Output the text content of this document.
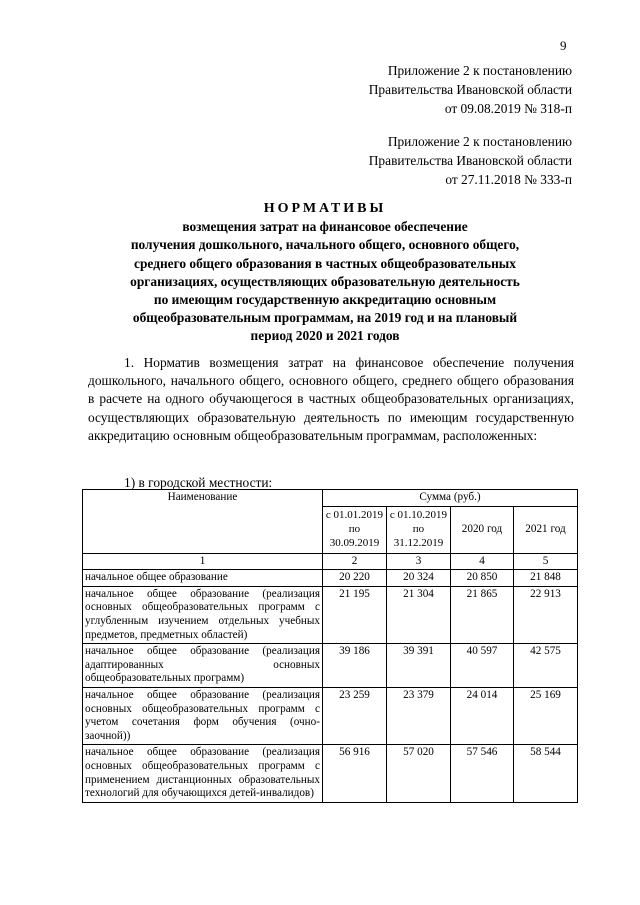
9
Приложение 2 к постановлению
Правительства Ивановской области
от 09.08.2019 № 318-п
Приложение 2 к постановлению
Правительства Ивановской области
от 27.11.2018 № 333-п
НОРМАТИВЫ
возмещения затрат на финансовое обеспечение
получения дошкольного, начального общего, основного общего,
среднего общего образования в частных общеобразовательных
организациях, осуществляющих образовательную деятельность
по имеющим государственную аккредитацию основным
общеобразовательным программам, на 2019 год и на плановый
период 2020 и 2021 годов
1. Норматив возмещения затрат на финансовое обеспечение получения дошкольного, начального общего, основного общего, среднего общего образования в расчете на одного обучающегося в частных общеобразовательных организациях, осуществляющих образовательную деятельность по имеющим государственную аккредитацию основным общеобразовательным программам, расположенных:
1) в городской местности:
Наименование	Сумма (руб.)			
	с 01.01.2019 по 30.09.2019	с 01.10.2019 по 31.12.2019	2020 год	2021 год
1	2	3	4	5
начальное общее образование	20 220	20 324	20 850	21 848
начальное общее образование (реализация основных общеобразовательных программ с углубленным изучением отдельных учебных предметов, предметных областей)	21 195	21 304	21 865	22 913
начальное общее образование (реализация адаптированных основных общеобразовательных программ)	39 186	39 391	40 597	42 575
начальное общее образование (реализация основных общеобразовательных программ с учетом сочетания форм обучения (очно-заочной))	23 259	23 379	24 014	25 169
начальное общее образование (реализация основных общеобразовательных программ с применением дистанционных образовательных технологий для обучающихся детей-инвалидов)	56 916	57 020	57 546	58 544
